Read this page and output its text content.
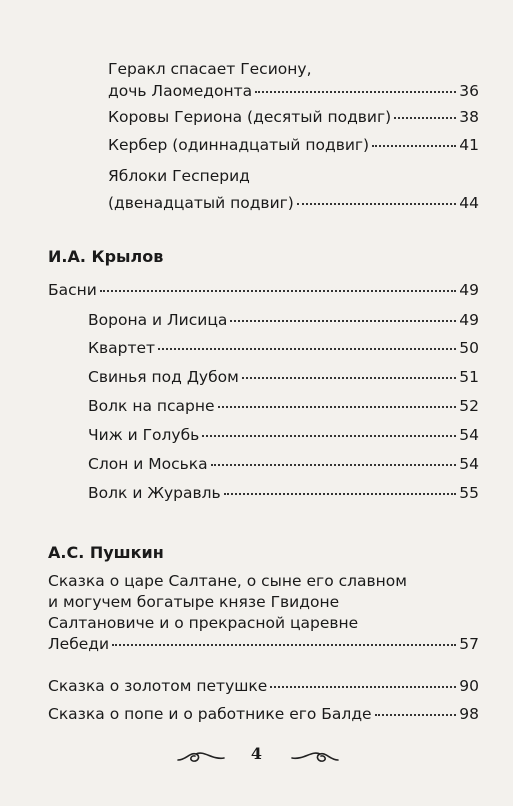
Геракл спасает Гесиону,
дочь Лаомедонта	36
Коровы Гериона (десятый подвиг)	38
Кербер (одиннадцатый подвиг)	41
Яблоки Гесперид
(двенадцатый подвиг)	44
И.А. Крылов
Басни	49
Ворона и Лисица	49
Квартет	50
Свинья под Дубом	51
Волк на псарне	52
Чиж и Голубь	54
Слон и Моська	54
Волк и Журавль	55
А.С. Пушкин
Сказка о царе Салтане, о сыне его славном
и могучем богатыре князе Гвидоне
Салтановиче и о прекрасной царевне
Лебеди	57
Сказка о золотом петушке	90
Сказка о попе и о работнике его Балде	98
4
